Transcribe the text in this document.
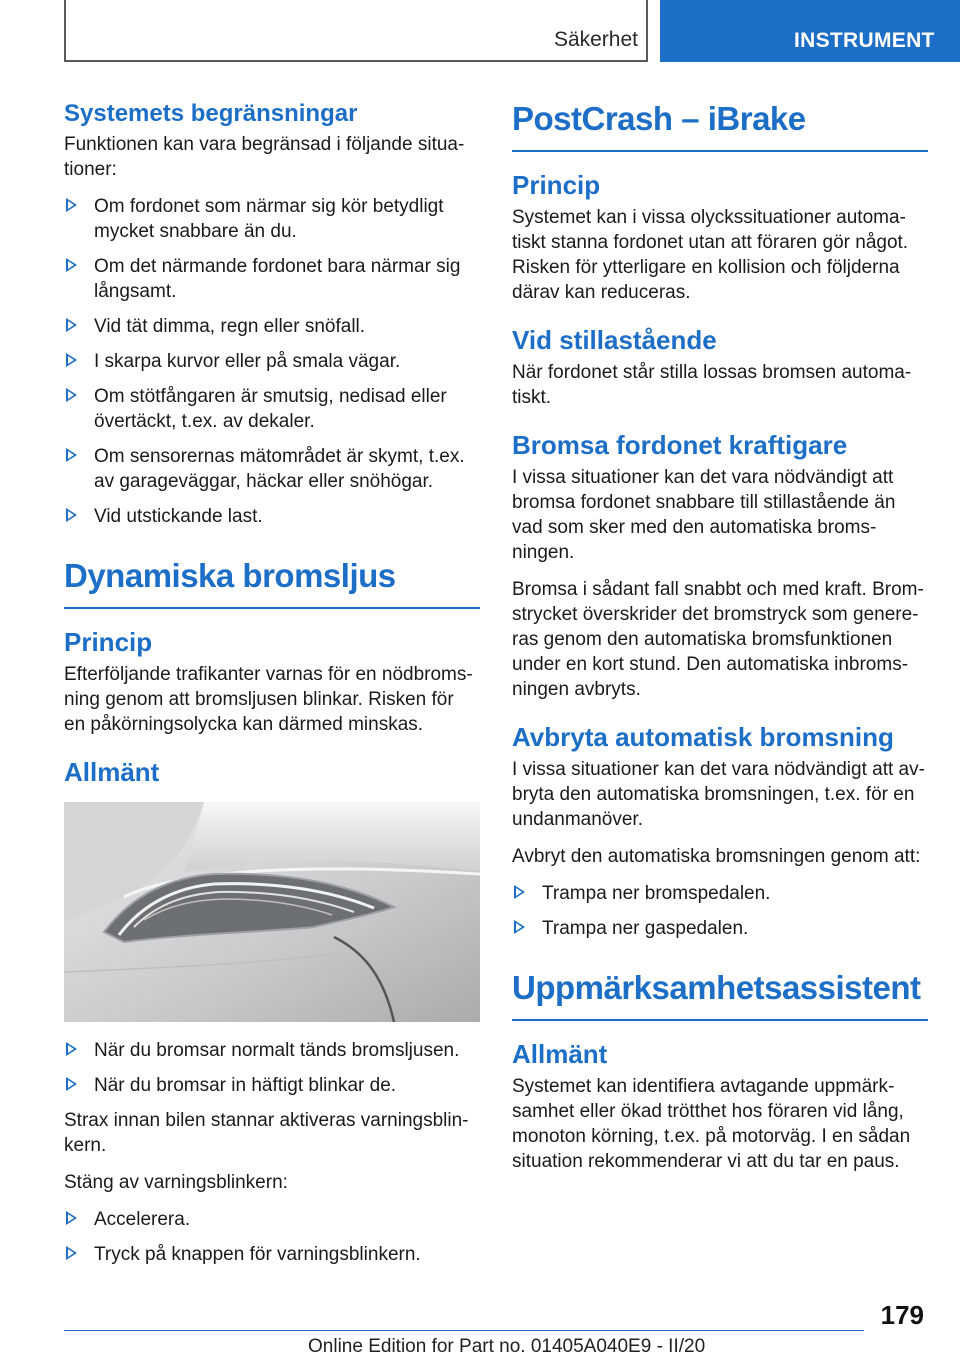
Säkerhet	INSTRUMENT
Systemets begränsningar

Funktionen kan vara begränsad i följande situa-tioner:

Om fordonet som närmar sig kör betydligt mycket snabbare än du.
Om det närmande fordonet bara närmar sig långsamt.
Vid tät dimma, regn eller snöfall.
I skarpa kurvor eller på smala vägar.
Om stötfångaren är smutsig, nedisad eller övertäckt, t.ex. av dekaler.
Om sensorernas mätområdet är skymt, t.ex. av garageväggar, häckar eller snöhögar.
Vid utstickande last.
Dynamiska bromsljus
Princip

Efterföljande trafikanter varnas för en nödbroms-ning genom att bromsljusen blinkar. Risken för en påkörningsolycka kan därmed minskas.

Allmänt
När du bromsar normalt tänds bromsljusen.
När du bromsar in häftigt blinkar de.

Strax innan bilen stannar aktiveras varningsblin-kern.

Stäng av varningsblinkern:

Accelerera.
Tryck på knappen för varningsblinkern.
PostCrash – iBrake
Princip

Systemet kan i vissa olyckssituationer automa-tiskt stanna fordonet utan att föraren gör något. Risken för ytterligare en kollision och följderna därav kan reduceras.

Vid stillastående

När fordonet står stilla lossas bromsen automa-tiskt.

Bromsa fordonet kraftigare

I vissa situationer kan det vara nödvändigt att bromsa fordonet snabbare till stillastående än vad som sker med den automatiska broms-ningen.

Bromsa i sådant fall snabbt och med kraft. Brom-strycket överskrider det bromstryck som genere-ras genom den automatiska bromsfunktionen under en kort stund. Den automatiska inbroms-ningen avbryts.

Avbryta automatisk bromsning

I vissa situationer kan det vara nödvändigt att av-bryta den automatiska bromsningen, t.ex. för en undanmanöver.

Avbryt den automatiska bromsningen genom att:

Trampa ner bromspedalen.
Trampa ner gaspedalen.
Uppmärksamhetsassistent
Allmänt

Systemet kan identifiera avtagande uppmärk-samhet eller ökad trötthet hos föraren vid lång, monoton körning, t.ex. på motorväg. I en sådan situation rekommenderar vi att du tar en paus.

179
Online Edition for Part no. 01405A040E9 - II/20
